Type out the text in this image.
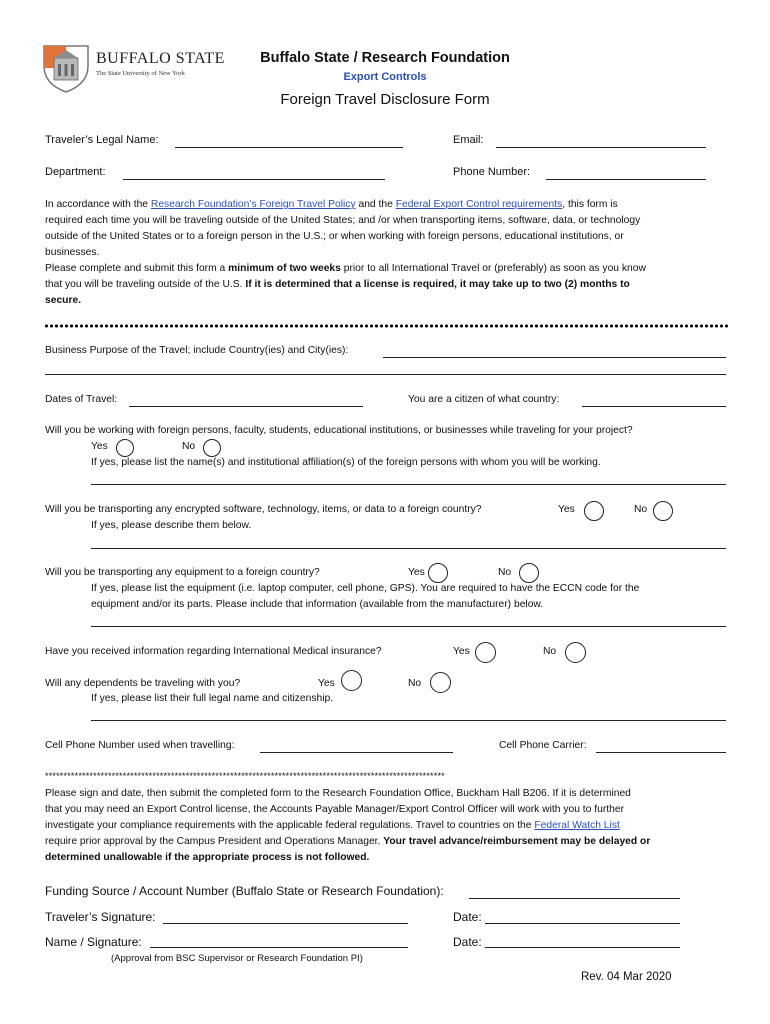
BUFFALO STATE
The State University of New York
Buffalo State / Research Foundation
Export Controls
Foreign Travel Disclosure Form
Traveler’s Legal Name:	Email:
Department:	Phone Number:
In accordance with the Research Foundation’s Foreign Travel Policy and the Federal Export Control requirements, this form is
required each time you will be traveling outside of the United States; and /or when transporting items, software, data, or technology
outside of the United States or to a foreign person in the U.S.; or when working with foreign persons, educational institutions, or
businesses.
Please complete and submit this form a minimum of two weeks prior to all International Travel or (preferably) as soon as you know
that you will be traveling outside of the U.S. If it is determined that a license is required, it may take up to two (2) months to
secure.
Business Purpose of the Travel; include Country(ies) and City(ies):
Dates of Travel:	You are a citizen of what country:
Will you be working with foreign persons, faculty, students, educational institutions, or businesses while traveling for your project?
Yes	No
If yes, please list the name(s) and institutional affiliation(s) of the foreign persons with whom you will be working.
Will you be transporting any encrypted software, technology, items, or data to a foreign country?	Yes	No
If yes, please describe them below.
Will you be transporting any equipment to a foreign country?	Yes	No
If yes, please list the equipment (i.e. laptop computer, cell phone, GPS). You are required to have the ECCN code for the
equipment and/or its parts. Please include that information (available from the manufacturer) below.
Have you received information regarding International Medical insurance?	Yes	No
Will any dependents be traveling with you?	Yes	No
If yes, please list their full legal name and citizenship.
Cell Phone Number used when travelling:	Cell Phone Carrier:
************************************************************************************************************
Please sign and date, then submit the completed form to the Research Foundation Office, Buckham Hall B206. If it is determined
that you may need an Export Control license, the Accounts Payable Manager/Export Control Officer will work with you to further
investigate your compliance requirements with the applicable federal regulations. Travel to countries on the Federal Watch List
require prior approval by the Campus President and Operations Manager. Your travel advance/reimbursement may be delayed or
determined unallowable if the appropriate process is not followed.
Funding Source / Account Number (Buffalo State or Research Foundation):
Traveler’s Signature:	Date:
Name / Signature:	Date:
(Approval from BSC Supervisor or Research Foundation PI)
Rev. 04 Mar 2020
